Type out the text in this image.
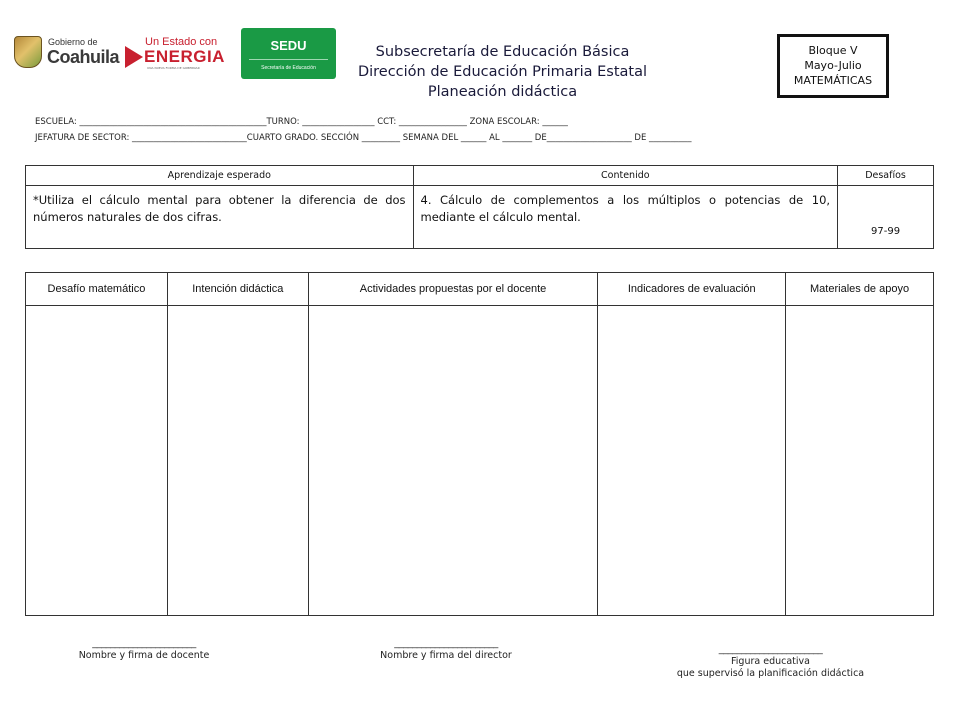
Gobierno de
Coahuila
Un Estado con
ENERGIA
UNA NUEVA FORMA DE GOBERNAR
SEDU
Secretaría de Educación
Subsecretaría de Educación Básica
Dirección de Educación Primaria Estatal
Planeación didáctica
Bloque V
Mayo-Julio
MATEMÁTICAS
ESCUELA: ____________________________________________TURNO: _________________ CCT: ________________ ZONA ESCOLAR: ______
JEFATURA DE SECTOR: ___________________________CUARTO GRADO. SECCIÓN _________ SEMANA DEL ______ AL _______ DE____________________ DE __________
Aprendizaje esperado	Contenido	Desafíos
*Utiliza el cálculo mental para obtener la diferencia de dos números naturales de dos cifras.	4. Cálculo de complementos a los múltiplos o potencias de 10, mediante el cálculo mental.	97-99
Desafío matemático	Intención didáctica	Actividades propuestas por el docente	Indicadores de evaluación	Materiales de apoyo

_______________________
Nombre y firma de docente
_______________________
Nombre y firma del director
_______________________
Figura educativa
que supervisó la planificación didáctica
